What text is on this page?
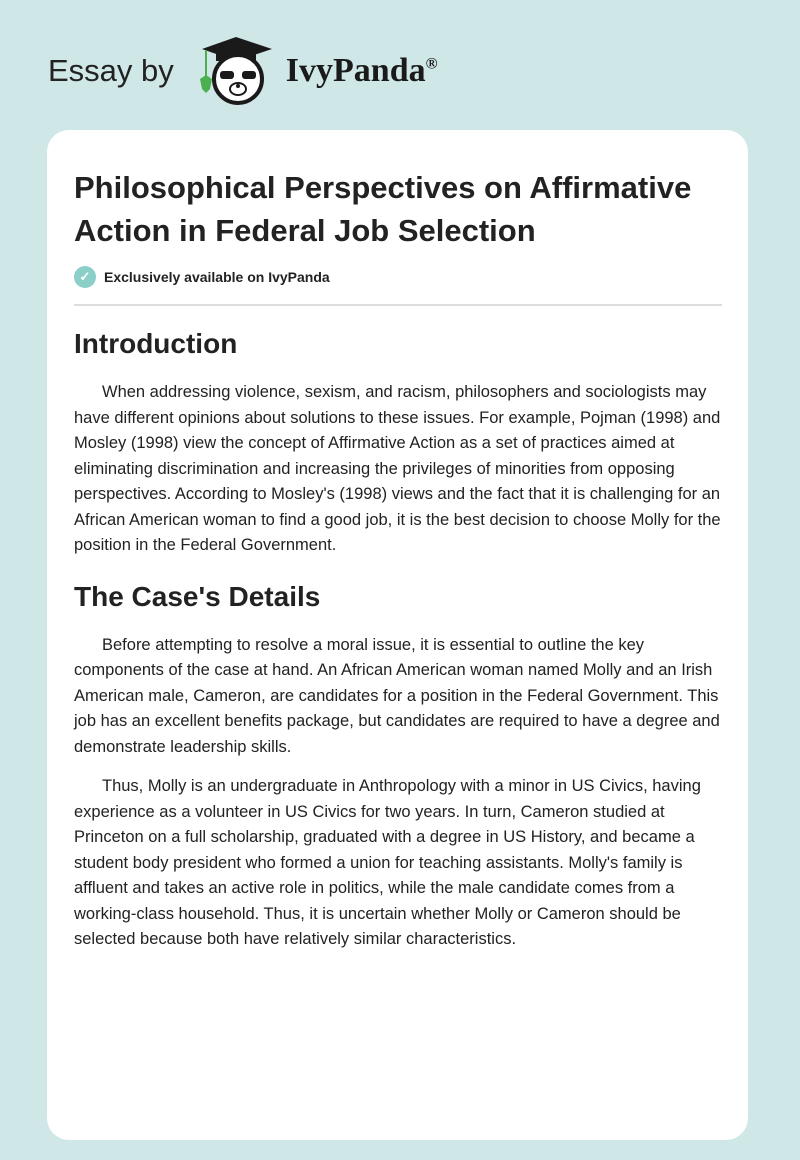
Essay by	IvyPanda®
Philosophical Perspectives on Affirmative Action in Federal Job Selection
✓ Exclusively available on IvyPanda
Introduction

When addressing violence, sexism, and racism, philosophers and sociologists may have different opinions about solutions to these issues. For example, Pojman (1998) and Mosley (1998) view the concept of Affirmative Action as a set of practices aimed at eliminating discrimination and increasing the privileges of minorities from opposing perspectives. According to Mosley's (1998) views and the fact that it is challenging for an African American woman to find a good job, it is the best decision to choose Molly for the position in the Federal Government.

The Case's Details

Before attempting to resolve a moral issue, it is essential to outline the key components of the case at hand. An African American woman named Molly and an Irish American male, Cameron, are candidates for a position in the Federal Government. This job has an excellent benefits package, but candidates are required to have a degree and demonstrate leadership skills.

Thus, Molly is an undergraduate in Anthropology with a minor in US Civics, having experience as a volunteer in US Civics for two years. In turn, Cameron studied at Princeton on a full scholarship, graduated with a degree in US History, and became a student body president who formed a union for teaching assistants. Molly's family is affluent and takes an active role in politics, while the male candidate comes from a working-class household. Thus, it is uncertain whether Molly or Cameron should be selected because both have relatively similar characteristics.
